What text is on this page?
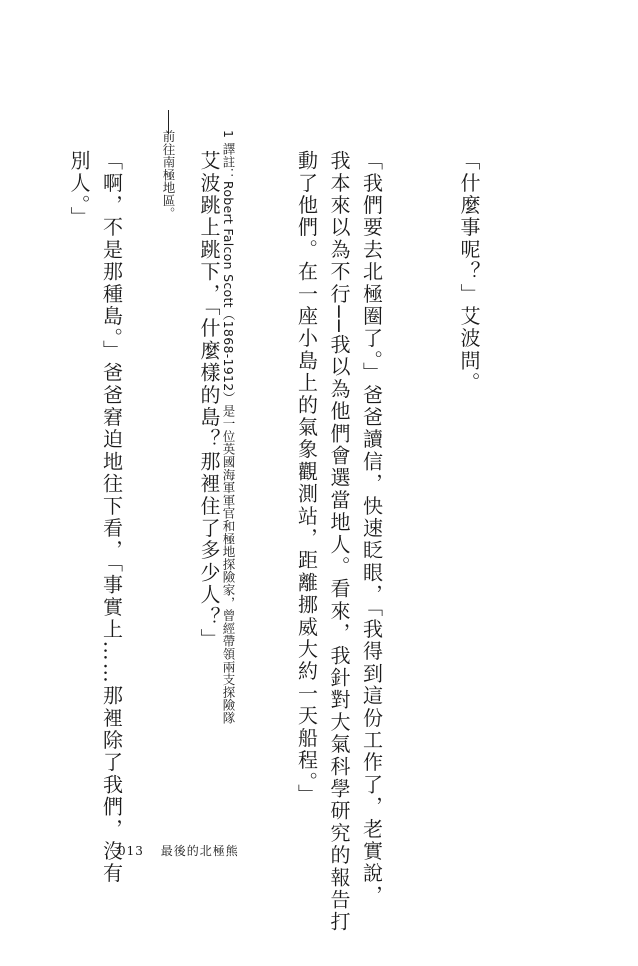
「什麼事呢？」艾波問。

「我們要去北極圈了。」爸爸讀信，快速眨眼，「我得到這份工作了，老實說，
我本來以為不行──我以為他們會選當地人。看來，我針對大氣科學研究的報告打
動了他們。在一座小島上的氣象觀測站，距離挪威大約一天船程。」

艾波跳上跳下，「什麼樣的島？那裡住了多少人？」

「啊，不是那種島。」爸爸窘迫地往下看，「事實上……那裡除了我們，沒有
別人。」

	1 譯註：Robert Falcon Scott（1868-1912）是一位英國海軍軍官和極地探險家，曾經帶領兩支探險隊

前往南極地區。

013 最後的北極熊
